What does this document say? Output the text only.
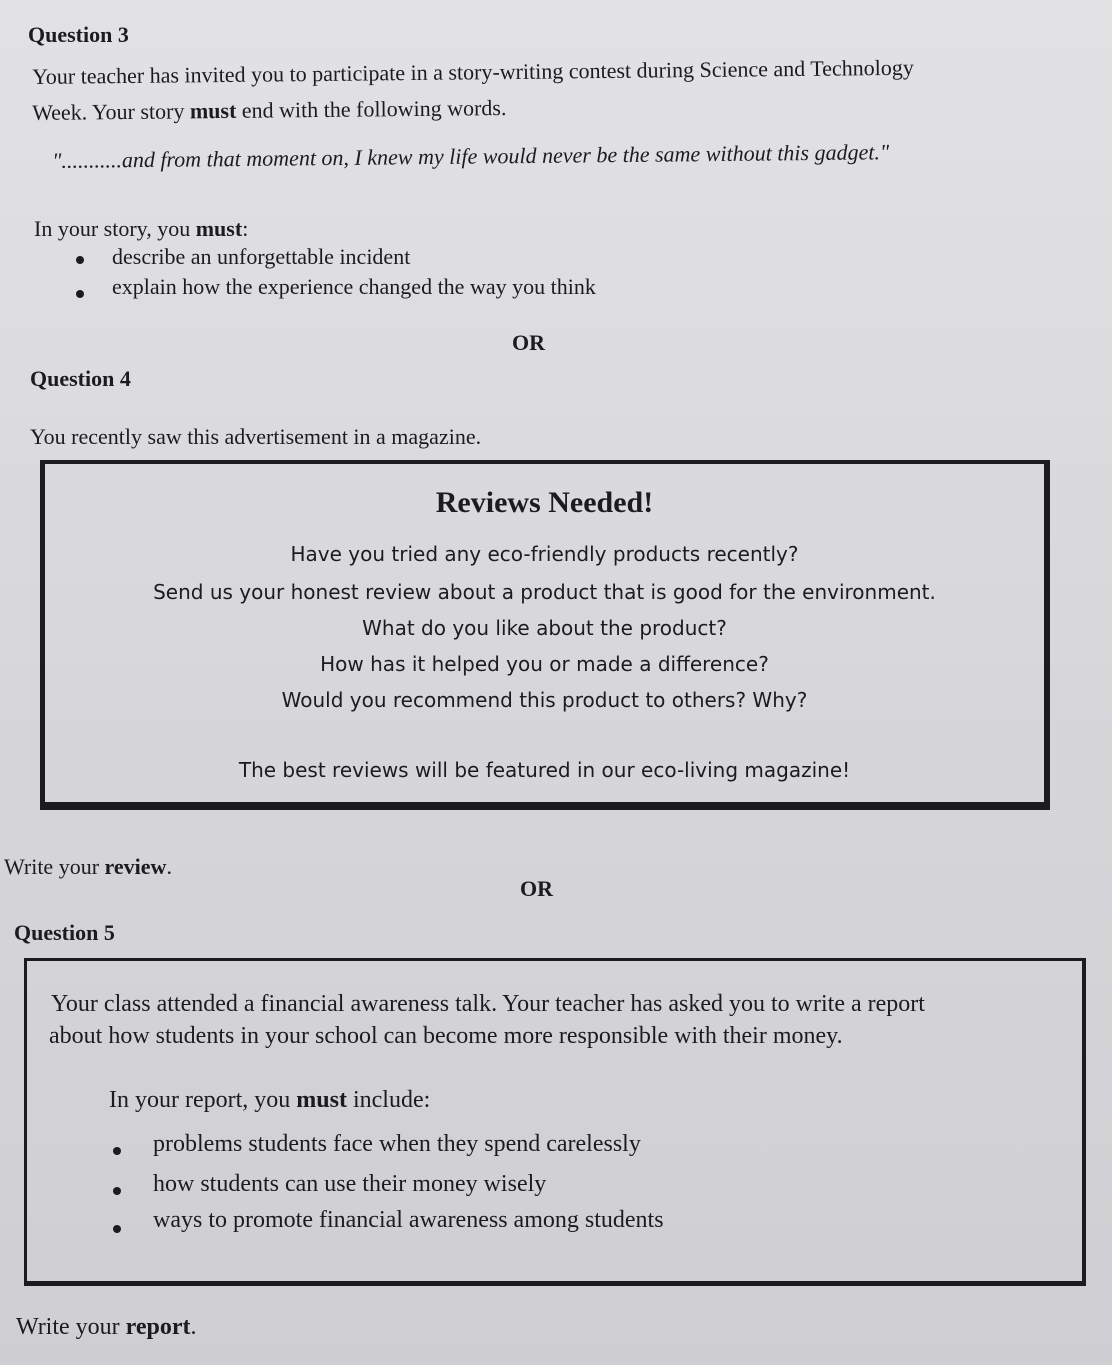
Question 3
Your teacher has invited you to participate in a story-writing contest during Science and Technology
Week. Your story must end with the following words.
"...........and from that moment on, I knew my life would never be the same without this gadget."
In your story, you must:
describe an unforgettable incident
explain how the experience changed the way you think
OR
Question 4
You recently saw this advertisement in a magazine.
Reviews Needed!
Have you tried any eco-friendly products recently?
Send us your honest review about a product that is good for the environment.
What do you like about the product?
How has it helped you or made a difference?
Would you recommend this product to others? Why?
The best reviews will be featured in our eco-living magazine!
Write your review.
OR
Question 5
Your class attended a financial awareness talk. Your teacher has asked you to write a report
about how students in your school can become more responsible with their money.
In your report, you must include:
problems students face when they spend carelessly
how students can use their money wisely
ways to promote financial awareness among students
Write your report.
